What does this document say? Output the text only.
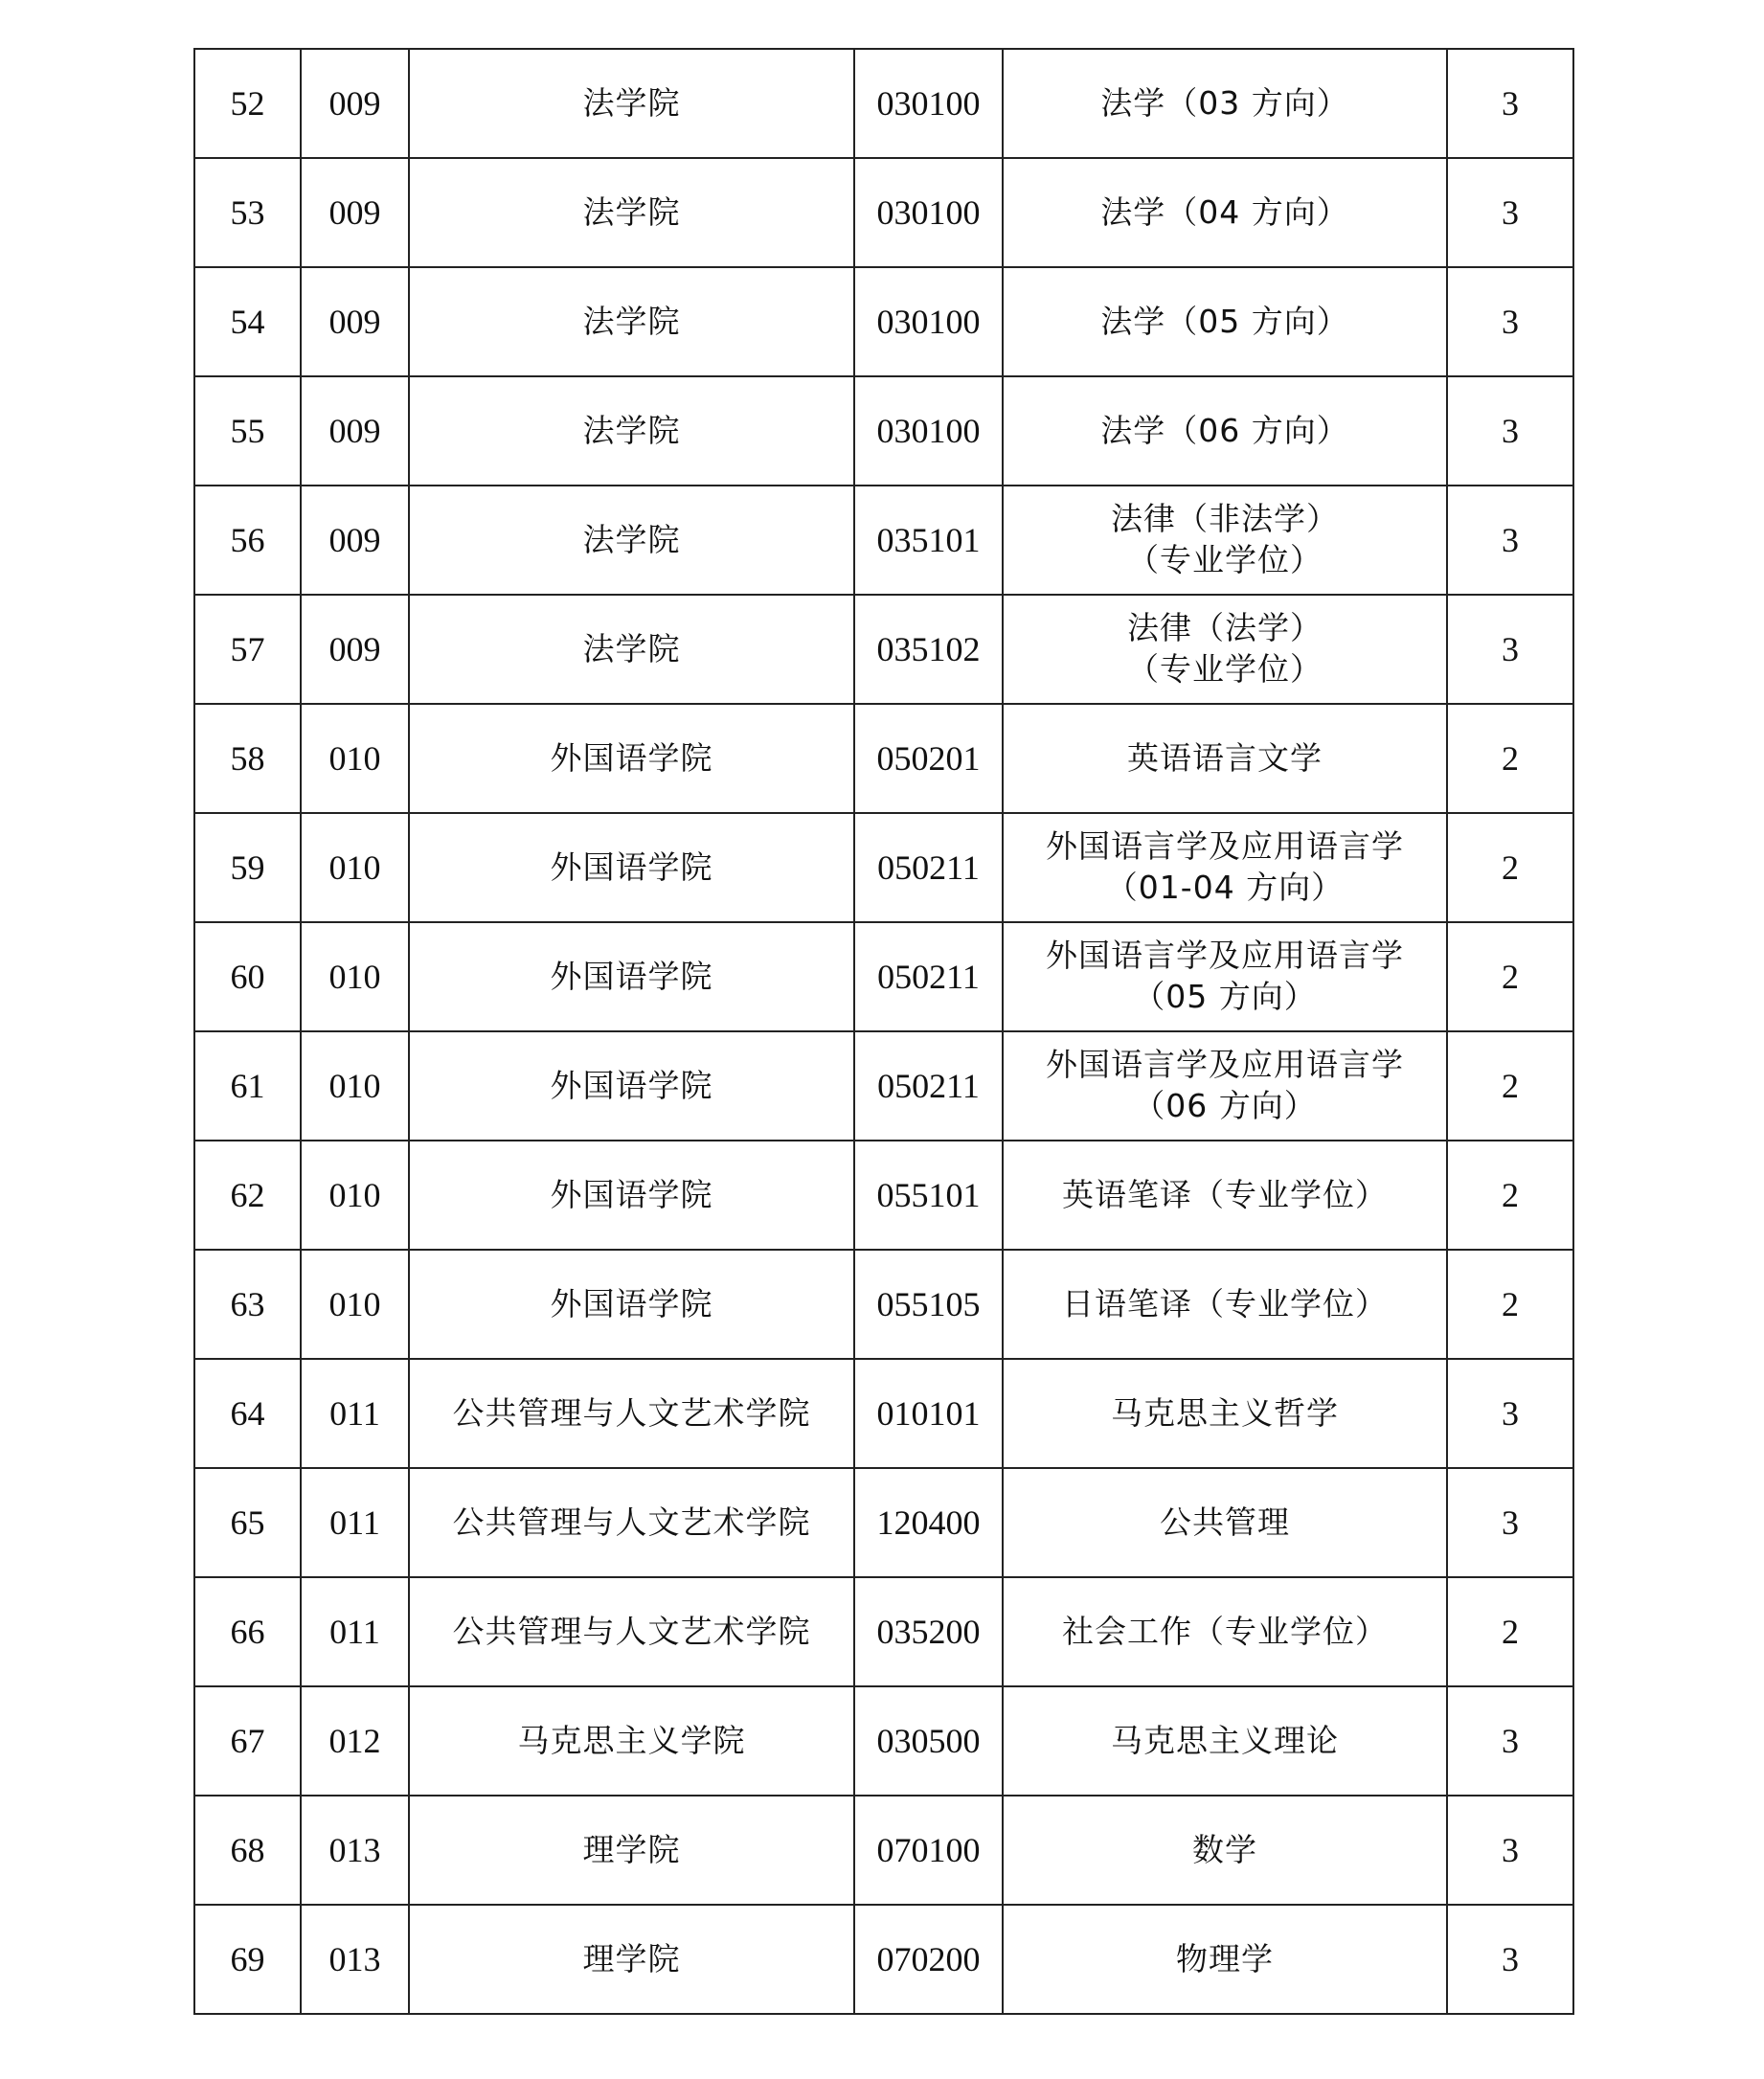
52	009	法学院	030100	法学（03 方向）	3
53	009	法学院	030100	法学（04 方向）	3
54	009	法学院	030100	法学（05 方向）	3
55	009	法学院	030100	法学（06 方向）	3
56	009	法学院	035101	法律（非法学）
（专业学位）	3
57	009	法学院	035102	法律（法学）
（专业学位）	3
58	010	外国语学院	050201	英语语言文学	2
59	010	外国语学院	050211	外国语言学及应用语言学
（01-04 方向）	2
60	010	外国语学院	050211	外国语言学及应用语言学
（05 方向）	2
61	010	外国语学院	050211	外国语言学及应用语言学
（06 方向）	2
62	010	外国语学院	055101	英语笔译（专业学位）	2
63	010	外国语学院	055105	日语笔译（专业学位）	2
64	011	公共管理与人文艺术学院	010101	马克思主义哲学	3
65	011	公共管理与人文艺术学院	120400	公共管理	3
66	011	公共管理与人文艺术学院	035200	社会工作（专业学位）	2
67	012	马克思主义学院	030500	马克思主义理论	3
68	013	理学院	070100	数学	3
69	013	理学院	070200	物理学	3
